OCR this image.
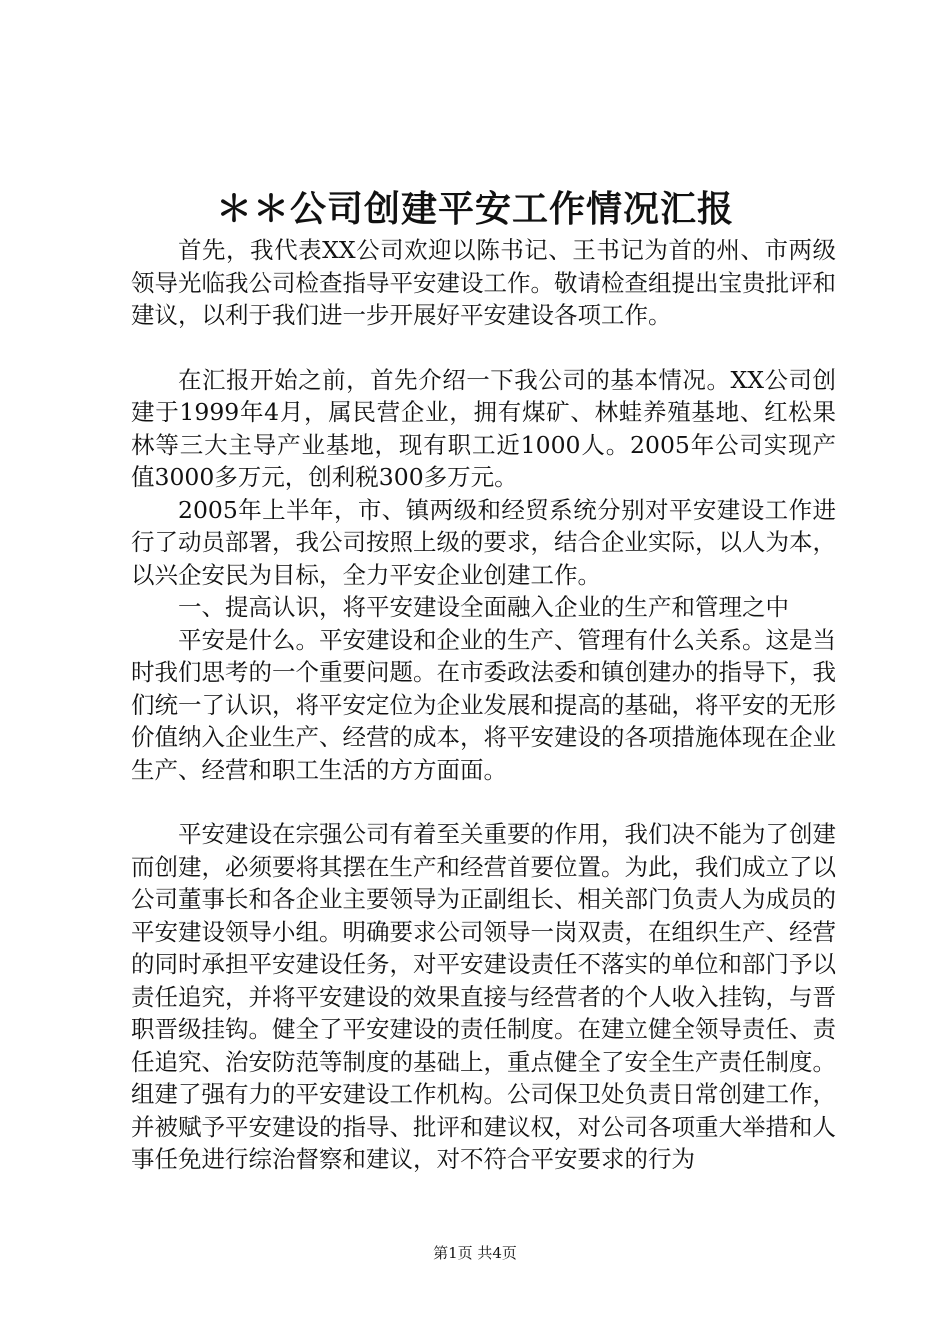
＊＊公司创建平安工作情况汇报

首先，我代表XX公司欢迎以陈书记、王书记为首的州、市两级领导光临我公司检查指导平安建设工作。敬请检查组提出宝贵批评和建议，以利于我们进一步开展好平安建设各项工作。

在汇报开始之前，首先介绍一下我公司的基本情况。XX公司创建于1999年4月，属民营企业，拥有煤矿、林蛙养殖基地、红松果林等三大主导产业基地，现有职工近1000人。2005年公司实现产值3000多万元，创利税300多万元。

2005年上半年，市、镇两级和经贸系统分别对平安建设工作进行了动员部署，我公司按照上级的要求，结合企业实际，以人为本，以兴企安民为目标，全力平安企业创建工作。

一、提高认识，将平安建设全面融入企业的生产和管理之中

平安是什么。平安建设和企业的生产、管理有什么关系。这是当时我们思考的一个重要问题。在市委政法委和镇创建办的指导下，我们统一了认识，将平安定位为企业发展和提高的基础，将平安的无形价值纳入企业生产、经营的成本，将平安建设的各项措施体现在企业生产、经营和职工生活的方方面面。

平安建设在宗强公司有着至关重要的作用，我们决不能为了创建而创建，必须要将其摆在生产和经营首要位置。为此，我们成立了以公司董事长和各企业主要领导为正副组长、相关部门负责人为成员的平安建设领导小组。明确要求公司领导一岗双责，在组织生产、经营的同时承担平安建设任务，对平安建设责任不落实的单位和部门予以责任追究，并将平安建设的效果直接与经营者的个人收入挂钩，与晋职晋级挂钩。健全了平安建设的责任制度。在建立健全领导责任、责任追究、治安防范等制度的基础上，重点健全了安全生产责任制度。组建了强有力的平安建设工作机构。公司保卫处负责日常创建工作，并被赋予平安建设的指导、批评和建议权，对公司各项重大举措和人事任免进行综治督察和建议，对不符合平安要求的行为

第1页 共4页
